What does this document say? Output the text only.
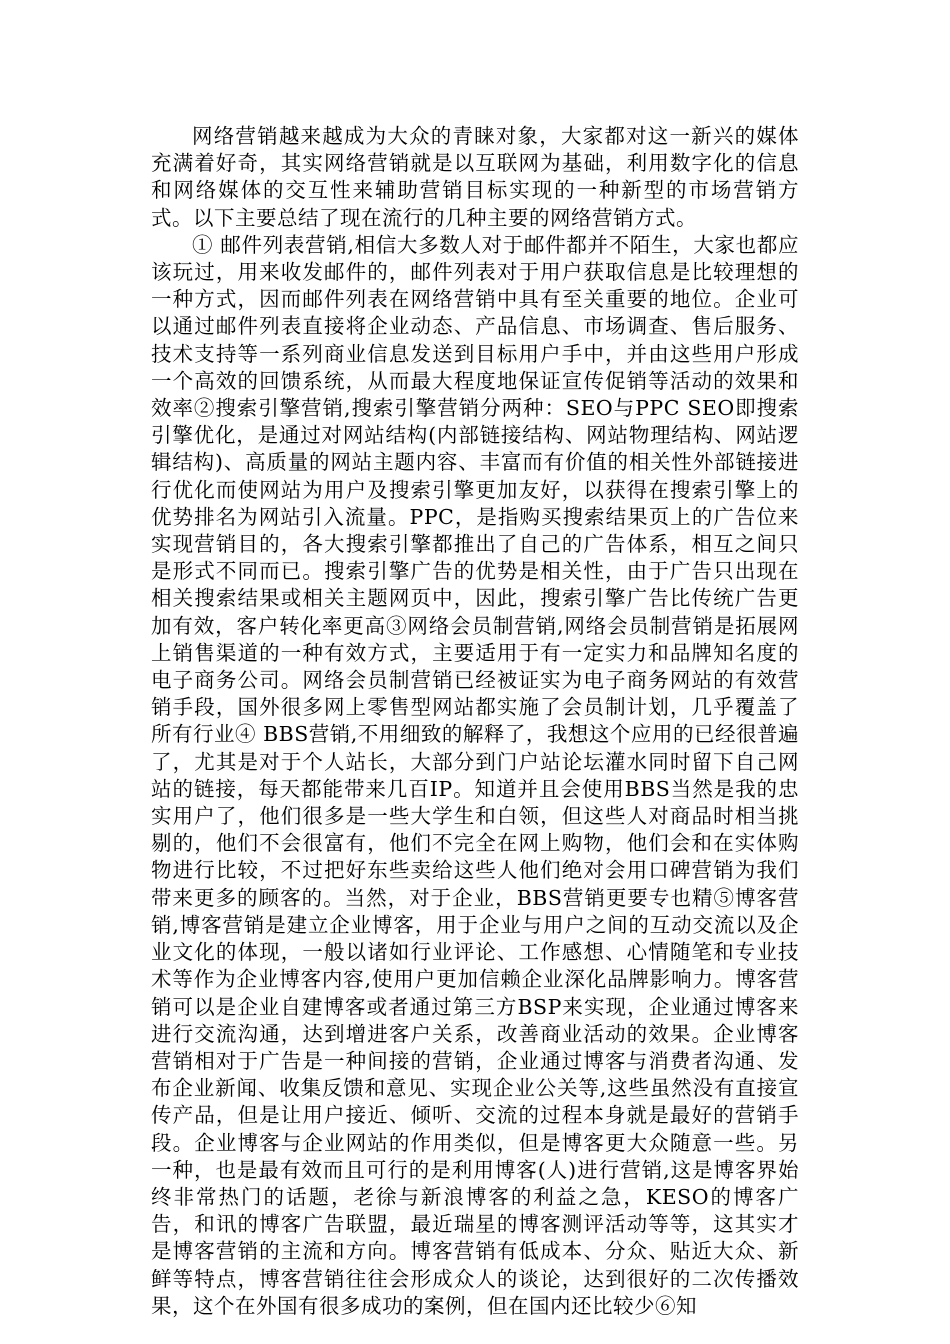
网络营销越来越成为大众的青睐对象，大家都对这一新兴的媒体充满着好奇，其实网络营销就是以互联网为基础，利用数字化的信息和网络媒体的交互性来辅助营销目标实现的一种新型的市场营销方式。以下主要总结了现在流行的几种主要的网络营销方式。

① 邮件列表营销,相信大多数人对于邮件都并不陌生，大家也都应该玩过，用来收发邮件的，邮件列表对于用户获取信息是比较理想的一种方式，因而邮件列表在网络营销中具有至关重要的地位。企业可以通过邮件列表直接将企业动态、产品信息、市场调查、售后服务、技术支持等一系列商业信息发送到目标用户手中，并由这些用户形成一个高效的回馈系统，从而最大程度地保证宣传促销等活动的效果和效率②搜索引擎营销,搜索引擎营销分两种：SEO与PPC SEO即搜索引擎优化，是通过对网站结构(内部链接结构、网站物理结构、网站逻辑结构)、高质量的网站主题内容、丰富而有价值的相关性外部链接进行优化而使网站为用户及搜索引擎更加友好，以获得在搜索引擎上的优势排名为网站引入流量。PPC，是指购买搜索结果页上的广告位来实现营销目的，各大搜索引擎都推出了自己的广告体系，相互之间只是形式不同而已。搜索引擎广告的优势是相关性，由于广告只出现在相关搜索结果或相关主题网页中，因此，搜索引擎广告比传统广告更加有效，客户转化率更高③网络会员制营销,网络会员制营销是拓展网上销售渠道的一种有效方式，主要适用于有一定实力和品牌知名度的电子商务公司。网络会员制营销已经被证实为电子商务网站的有效营销手段，国外很多网上零售型网站都实施了会员制计划，几乎覆盖了所有行业④ BBS营销,不用细致的解释了，我想这个应用的已经很普遍了，尤其是对于个人站长，大部分到门户站论坛灌水同时留下自己网站的链接，每天都能带来几百IP。知道并且会使用BBS当然是我的忠实用户了，他们很多是一些大学生和白领，但这些人对商品时相当挑剔的，他们不会很富有，他们不完全在网上购物，他们会和在实体购物进行比较，不过把好东些卖给这些人他们绝对会用口碑营销为我们带来更多的顾客的。当然，对于企业，BBS营销更要专也精⑤博客营销,博客营销是建立企业博客，用于企业与用户之间的互动交流以及企业文化的体现，一般以诸如行业评论、工作感想、心情随笔和专业技术等作为企业博客内容,使用户更加信赖企业深化品牌影响力。博客营销可以是企业自建博客或者通过第三方BSP来实现，企业通过博客来进行交流沟通，达到增进客户关系，改善商业活动的效果。企业博客营销相对于广告是一种间接的营销，企业通过博客与消费者沟通、发布企业新闻、收集反馈和意见、实现企业公关等,这些虽然没有直接宣传产品，但是让用户接近、倾听、交流的过程本身就是最好的营销手段。企业博客与企业网站的作用类似，但是博客更大众随意一些。另一种，也是最有效而且可行的是利用博客(人)进行营销,这是博客界始终非常热门的话题，老徐与新浪博客的利益之急，KESO的博客广告，和讯的博客广告联盟，最近瑞星的博客测评活动等等，这其实才是博客营销的主流和方向。博客营销有低成本、分众、贴近大众、新鲜等特点，博客营销往往会形成众人的谈论，达到很好的二次传播效果，这个在外国有很多成功的案例，但在国内还比较少⑥知
